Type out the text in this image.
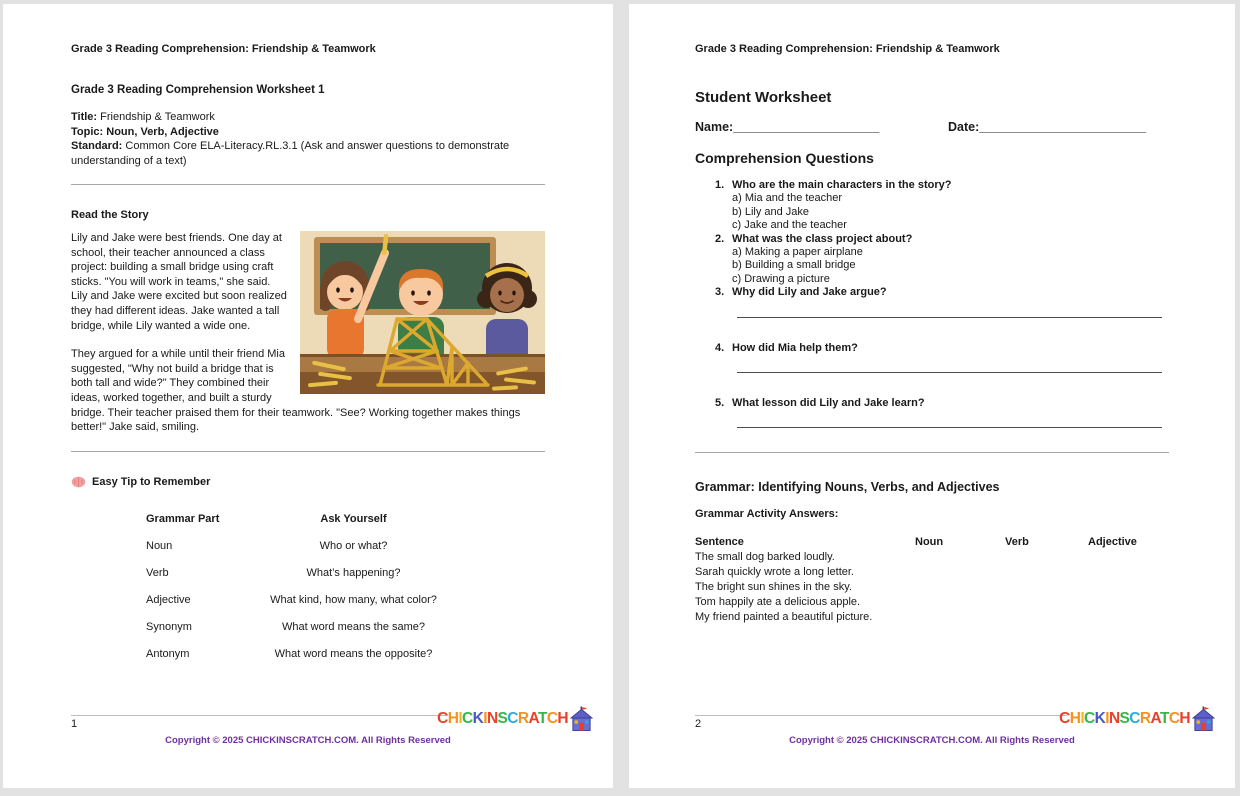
Grade 3 Reading Comprehension: Friendship & Teamwork
Grade 3 Reading Comprehension Worksheet 1
Title: Friendship & Teamwork
Topic: Noun, Verb, Adjective
Standard: Common Core ELA-Literacy.RL.3.1 (Ask and answer questions to demonstrate understanding of a text)
Read the Story

Lily and Jake were best friends. One day at school, their teacher announced a class project: building a small bridge using craft sticks. "You will work in teams," she said. Lily and Jake were excited but soon realized they had different ideas. Jake wanted a tall bridge, while Lily wanted a wide one.

They argued for a while until their friend Mia suggested, "Why not build a bridge that is both tall and wide?" They combined their ideas, worked together, and built a sturdy bridge. Their teacher praised them for their teamwork. "See? Working together makes things better!" Jake said, smiling.

Easy Tip to Remember
Grammar Part	Ask Yourself
Noun	Who or what?
Verb	What’s happening?
Adjective	What kind, how many, what color?
Synonym	What word means the same?
Antonym	What word means the opposite?
1
Copyright © 2025 CHICKINSCRATCH.COM. All Rights Reserved
CHICKINSCRATCH
Grade 3 Reading Comprehension: Friendship & Teamwork
Student Worksheet
Name:_____________________	Date:________________________
Comprehension Questions
1. Who are the main characters in the story?
a) Mia and the teacher
b) Lily and Jake
c) Jake and the teacher
2. What was the class project about?
a) Making a paper airplane
b) Building a small bridge
c) Drawing a picture
3. Why did Lily and Jake argue?
4. How did Mia help them?
5. What lesson did Lily and Jake learn?
Grammar: Identifying Nouns, Verbs, and Adjectives
Grammar Activity Answers:
Sentence	Noun	Verb	Adjective
The small dog barked loudly.
Sarah quickly wrote a long letter.
The bright sun shines in the sky.
Tom happily ate a delicious apple.
My friend painted a beautiful picture.
2
Copyright © 2025 CHICKINSCRATCH.COM. All Rights Reserved
CHICKINSCRATCH
